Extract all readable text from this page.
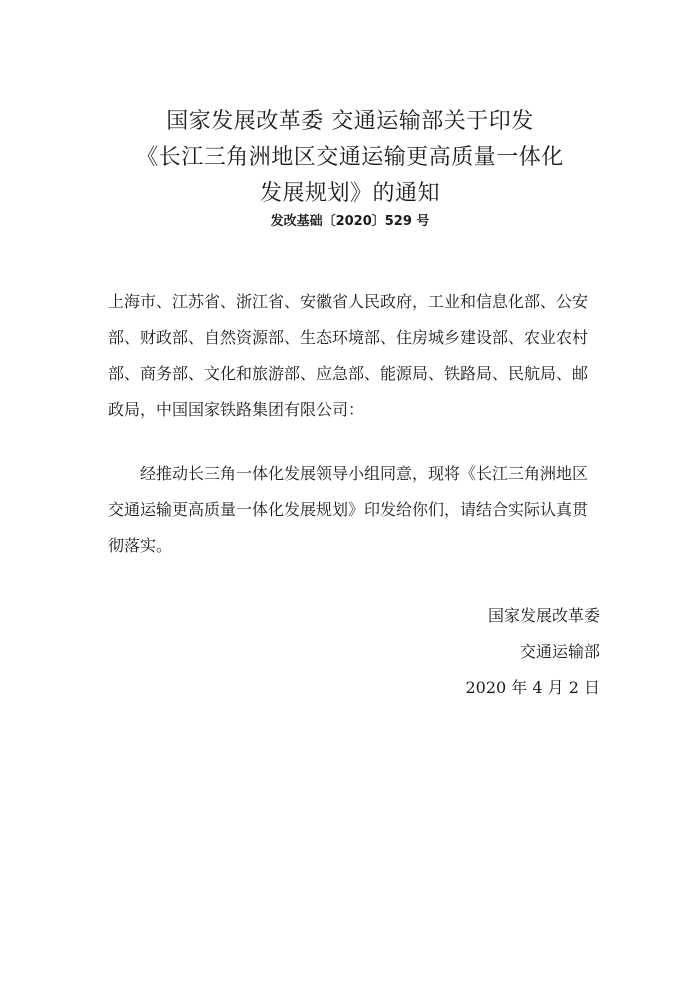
国家发展改革委 交通运输部关于印发
《长江三角洲地区交通运输更高质量一体化
发展规划》的通知
发改基础〔2020〕529 号
上海市、江苏省、浙江省、安徽省人民政府，工业和信息化部、公安
部、财政部、自然资源部、生态环境部、住房城乡建设部、农业农村
部、商务部、文化和旅游部、应急部、能源局、铁路局、民航局、邮
政局，中国国家铁路集团有限公司：
经推动长三角一体化发展领导小组同意，现将《长江三角洲地区
交通运输更高质量一体化发展规划》印发给你们，请结合实际认真贯
彻落实。
国家发展改革委
交通运输部
2020 年 4 月 2 日
